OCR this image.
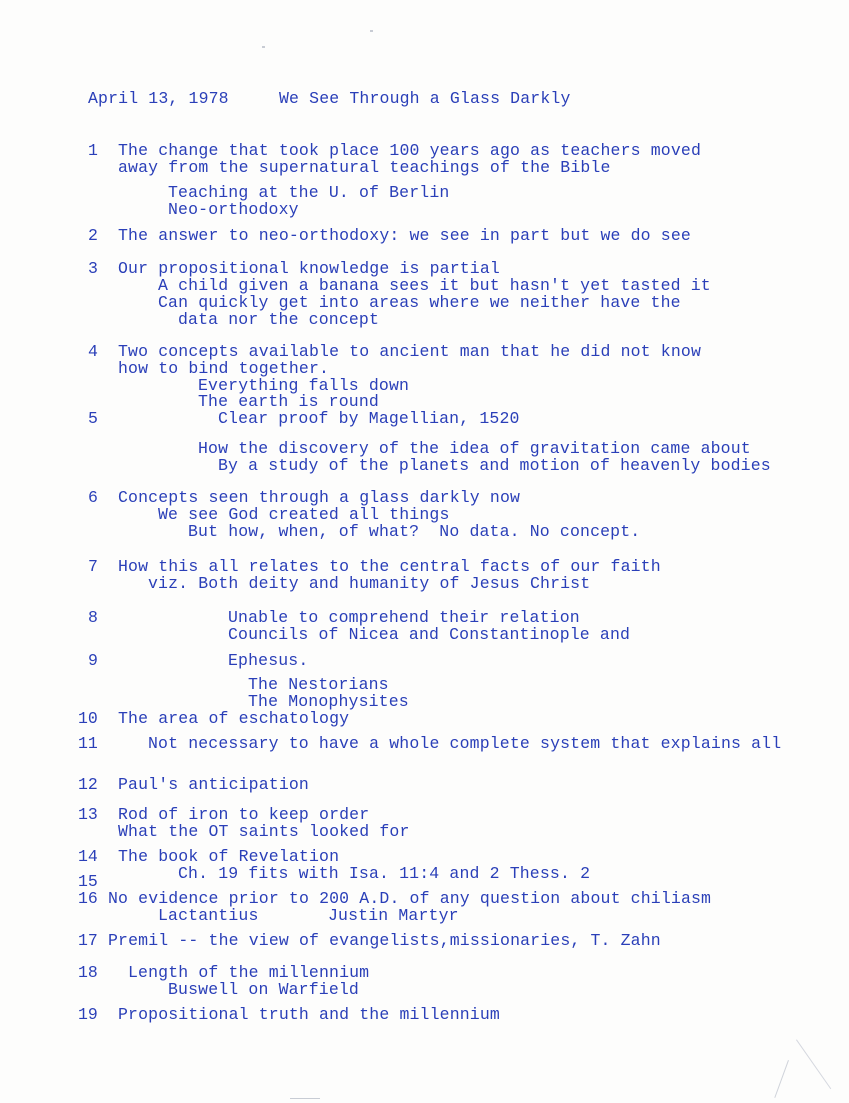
April 13, 1978	We See Through a Glass Darkly
1
2
3
4
5
6
7
8
9
10
11
12
13
14
15
16
17
18
19
The change that took place 100 years ago as teachers moved
away from the supernatural teachings of the Bible
Teaching at the U. of Berlin
Neo-orthodoxy
The answer to neo-orthodoxy: we see in part but we do see
Our propositional knowledge is partial
A child given a banana sees it but hasn't yet tasted it
Can quickly get into areas where we neither have the
data nor the concept
Two concepts available to ancient man that he did not know
how to bind together.
Everything falls down
The earth is round
Clear proof by Magellian, 1520
How the discovery of the idea of gravitation came about
By a study of the planets and motion of heavenly bodies
Concepts seen through a glass darkly now
We see God created all things
But how, when, of what?  No data. No concept.
How this all relates to the central facts of our faith
viz. Both deity and humanity of Jesus Christ
Unable to comprehend their relation
Councils of Nicea and Constantinople and
Ephesus.
The Nestorians
The Monophysites
The area of eschatology
Not necessary to have a whole complete system that explains all
Paul's anticipation
Rod of iron to keep order
What the OT saints looked for
The book of Revelation
Ch. 19 fits with Isa. 11:4 and 2 Thess. 2
No evidence prior to 200 A.D. of any question about chiliasm
Lactantius	Justin Martyr
Premil -- the view of evangelists,missionaries, T. Zahn
Length of the millennium
Buswell on Warfield
Propositional truth and the millennium
